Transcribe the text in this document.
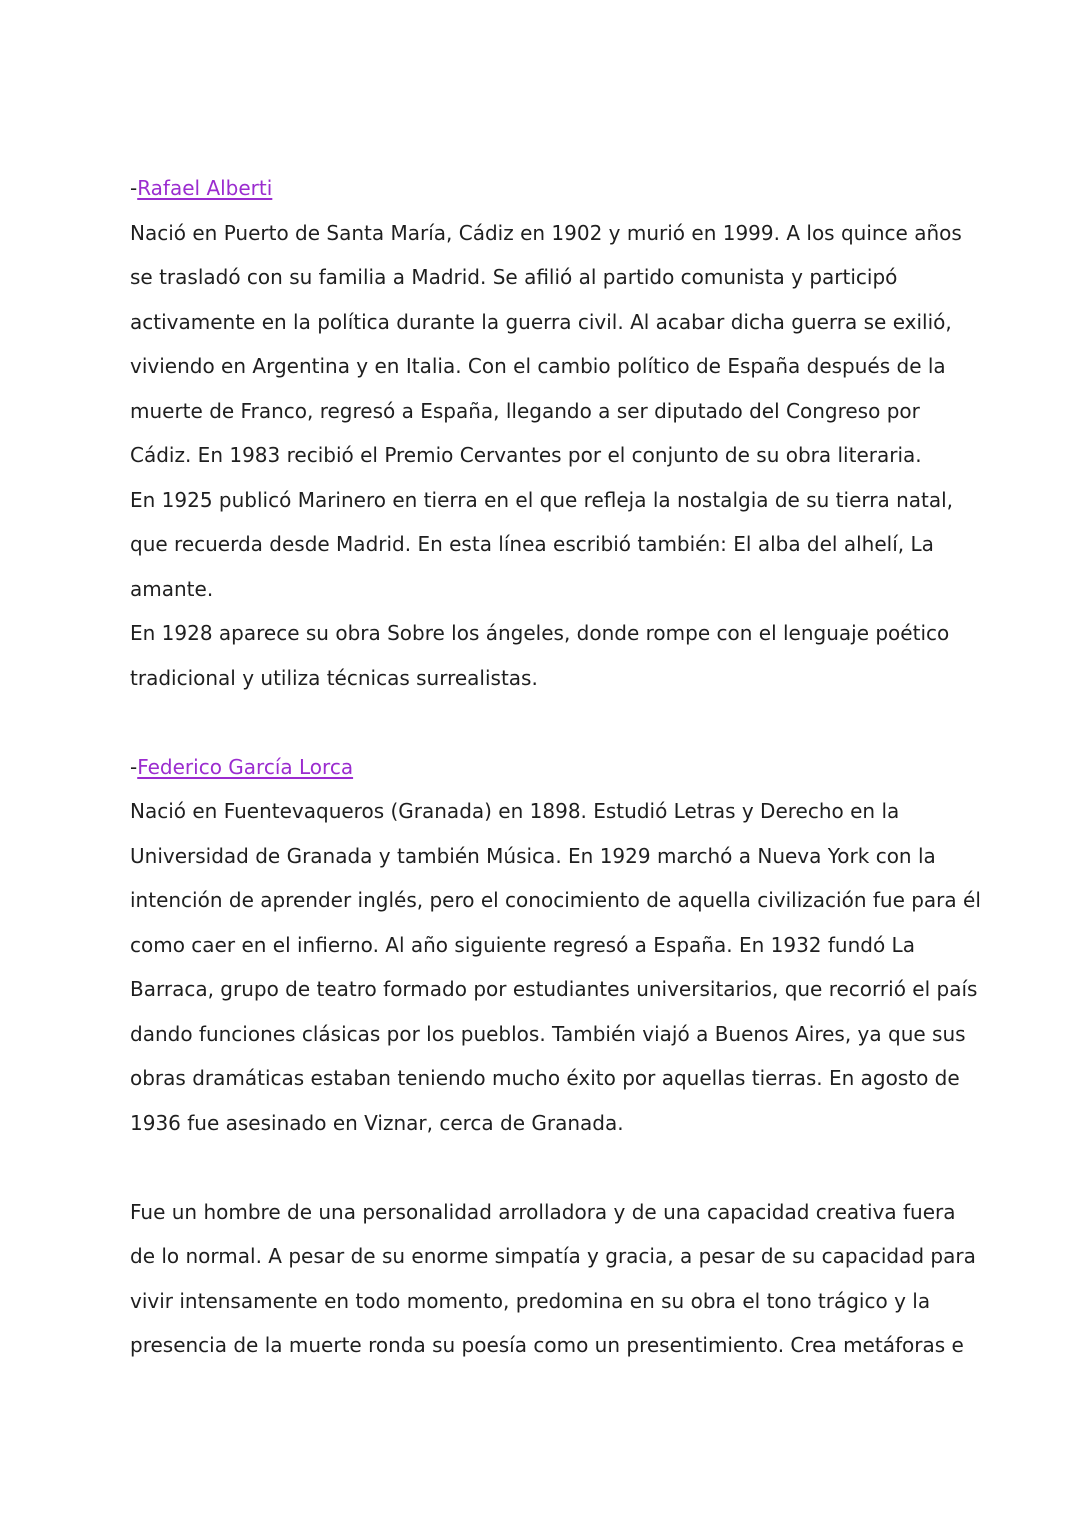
-Rafael Alberti
Nació en Puerto de Santa María, Cádiz en 1902 y murió en 1999. A los quince años
se trasladó con su familia a Madrid. Se afilió al partido comunista y participó
activamente en la política durante la guerra civil. Al acabar dicha guerra se exilió,
viviendo en Argentina y en Italia. Con el cambio político de España después de la
muerte de Franco, regresó a España, llegando a ser diputado del Congreso por
Cádiz. En 1983 recibió el Premio Cervantes por el conjunto de su obra literaria.
En 1925 publicó Marinero en tierra en el que refleja la nostalgia de su tierra natal,
que recuerda desde Madrid. En esta línea escribió también: El alba del alhelí, La
amante.
En 1928 aparece su obra Sobre los ángeles, donde rompe con el lenguaje poético
tradicional y utiliza técnicas surrealistas.
-Federico García Lorca
Nació en Fuentevaqueros (Granada) en 1898. Estudió Letras y Derecho en la
Universidad de Granada y también Música. En 1929 marchó a Nueva York con la
intención de aprender inglés, pero el conocimiento de aquella civilización fue para él
como caer en el infierno. Al año siguiente regresó a España. En 1932 fundó La
Barraca, grupo de teatro formado por estudiantes universitarios, que recorrió el país
dando funciones clásicas por los pueblos. También viajó a Buenos Aires, ya que sus
obras dramáticas estaban teniendo mucho éxito por aquellas tierras. En agosto de
1936 fue asesinado en Viznar, cerca de Granada.
Fue un hombre de una personalidad arrolladora y de una capacidad creativa fuera
de lo normal. A pesar de su enorme simpatía y gracia, a pesar de su capacidad para
vivir intensamente en todo momento, predomina en su obra el tono trágico y la
presencia de la muerte ronda su poesía como un presentimiento. Crea metáforas e
